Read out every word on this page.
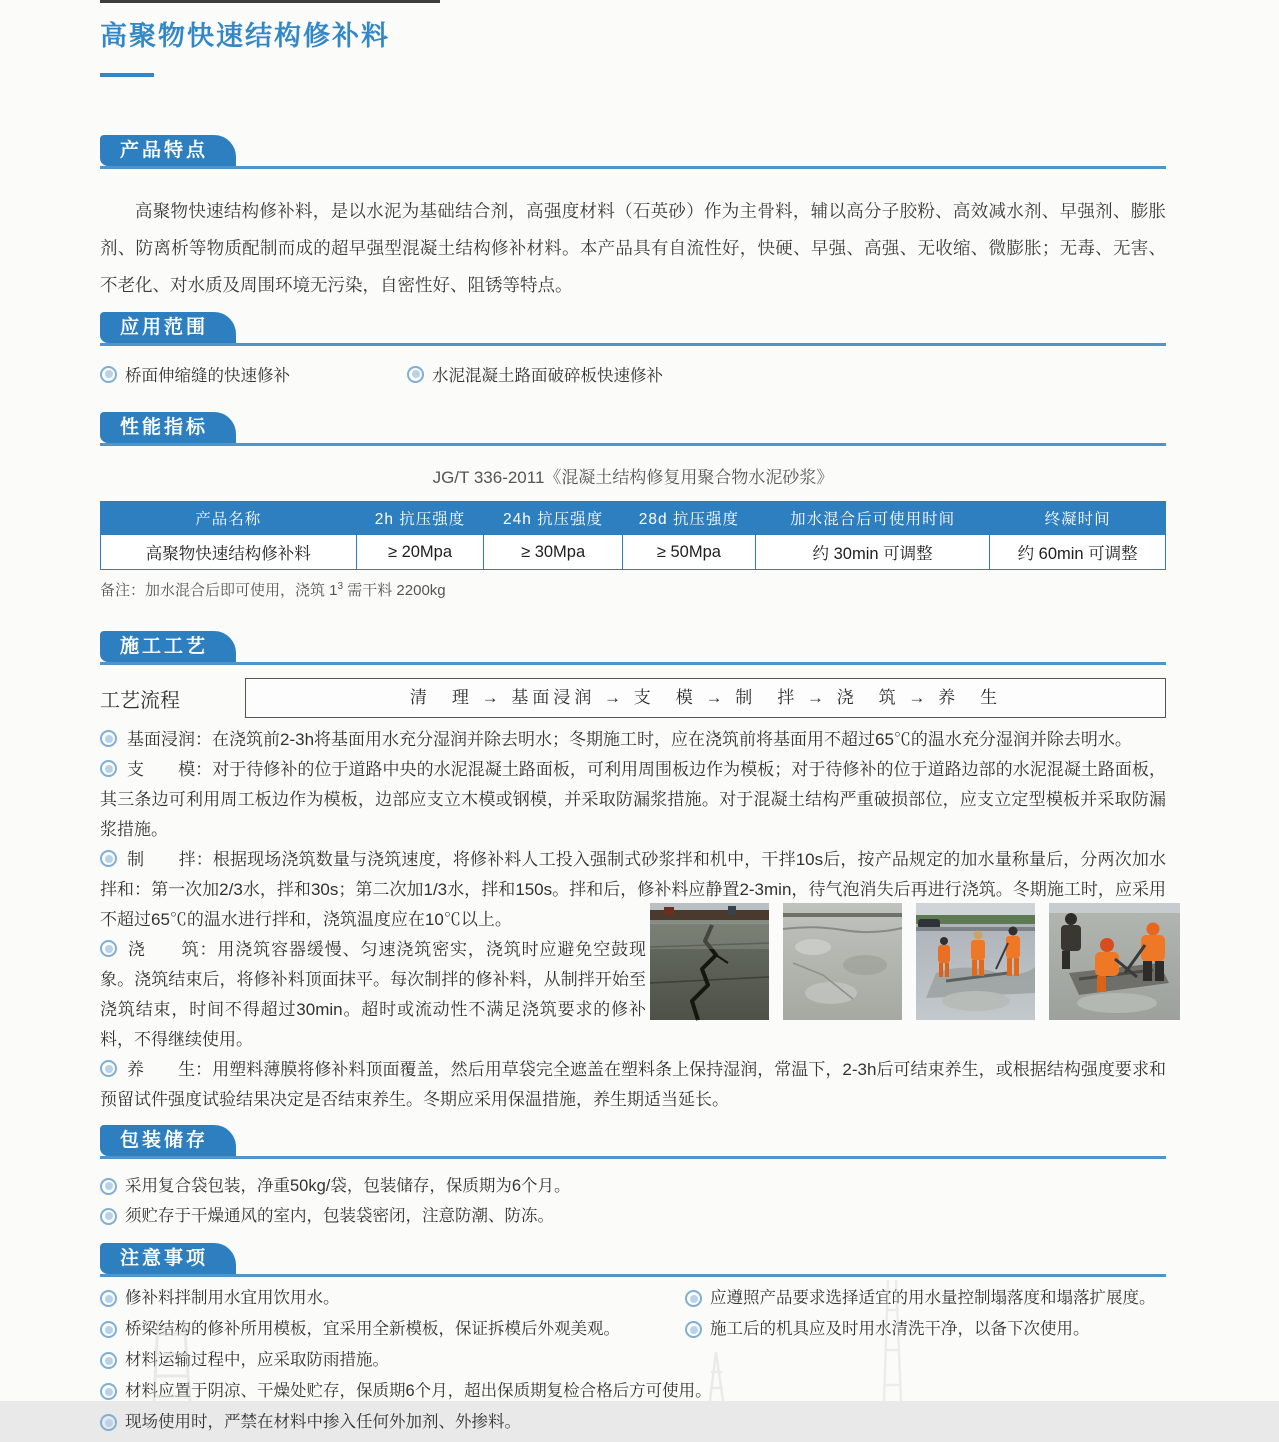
高聚物快速结构修补料
产品特点
高聚物快速结构修补料，是以水泥为基础结合剂，高强度材料（石英砂）作为主骨料，辅以高分子胶粉、高效减水剂、早强剂、膨胀剂、防离析等物质配制而成的超早强型混凝土结构修补材料。本产品具有自流性好，快硬、早强、高强、无收缩、微膨胀；无毒、无害、不老化、对水质及周围环境无污染，自密性好、阻锈等特点。
应用范围
桥面伸缩缝的快速修补	水泥混凝土路面破碎板快速修补
性能指标
JG/T 336-2011《混凝土结构修复用聚合物水泥砂浆》
产品名称	2h 抗压强度	24h 抗压强度	28d 抗压强度	加水混合后可使用时间	终凝时间
高聚物快速结构修补料	≥ 20Mpa	≥ 30Mpa	≥ 50Mpa	约 30min 可调整	约 60min 可调整
备注：加水混合后即可使用，浇筑 $1^3$ 需干料 2200kg
施工工艺
工艺流程	清　理 → 基面浸润 → 支　模 → 制　拌 → 浇　筑 → 养　生

基面浸润：在浇筑前2-3h将基面用水充分湿润并除去明水；冬期施工时，应在浇筑前将基面用不超过65℃的温水充分湿润并除去明水。

支　　模：对于待修补的位于道路中央的水泥混凝土路面板，可利用周围板边作为模板；对于待修补的位于道路边部的水泥混凝土路面板，其三条边可利用周工板边作为模板，边部应支立木模或钢模，并采取防漏浆措施。对于混凝土结构严重破损部位，应支立定型模板并采取防漏浆措施。

制　　拌：根据现场浇筑数量与浇筑速度，将修补料人工投入强制式砂浆拌和机中，干拌10s后，按产品规定的加水量称量后，分两次加水拌和：第一次加2/3水，拌和30s；第二次加1/3水，拌和150s。拌和后，修补料应静置2-3min，待气泡消失后再进行浇筑。冬期施工时，应采用不超过65℃的温水进行拌和，浇筑温度应在10℃以上。

浇　　筑：用浇筑容器缓慢、匀速浇筑密实，浇筑时应避免空鼓现象。浇筑结束后，将修补料顶面抹平。每次制拌的修补料，从制拌开始至浇筑结束，时间不得超过30min。超时或流动性不满足浇筑要求的修补料，不得继续使用。

养　　生：用塑料薄膜将修补料顶面覆盖，然后用草袋完全遮盖在塑料条上保持湿润，常温下，2-3h后可结束养生，或根据结构强度要求和预留试件强度试验结果决定是否结束养生。冬期应采用保温措施，养生期适当延长。

包装储存
采用复合袋包装，净重50kg/袋，包装储存，保质期为6个月。
须贮存于干燥通风的室内，包装袋密闭，注意防潮、防冻。
注意事项
修补料拌制用水宜用饮用水。
桥梁结构的修补所用模板，宜采用全新模板，保证拆模后外观美观。
材料运输过程中，应采取防雨措施。
材料应置于阴凉、干燥处贮存，保质期6个月，超出保质期复检合格后方可使用。
现场使用时，严禁在材料中掺入任何外加剂、外掺料。
应遵照产品要求选择适宜的用水量控制塌落度和塌落扩展度。
施工后的机具应及时用水清洗干净，以备下次使用。
